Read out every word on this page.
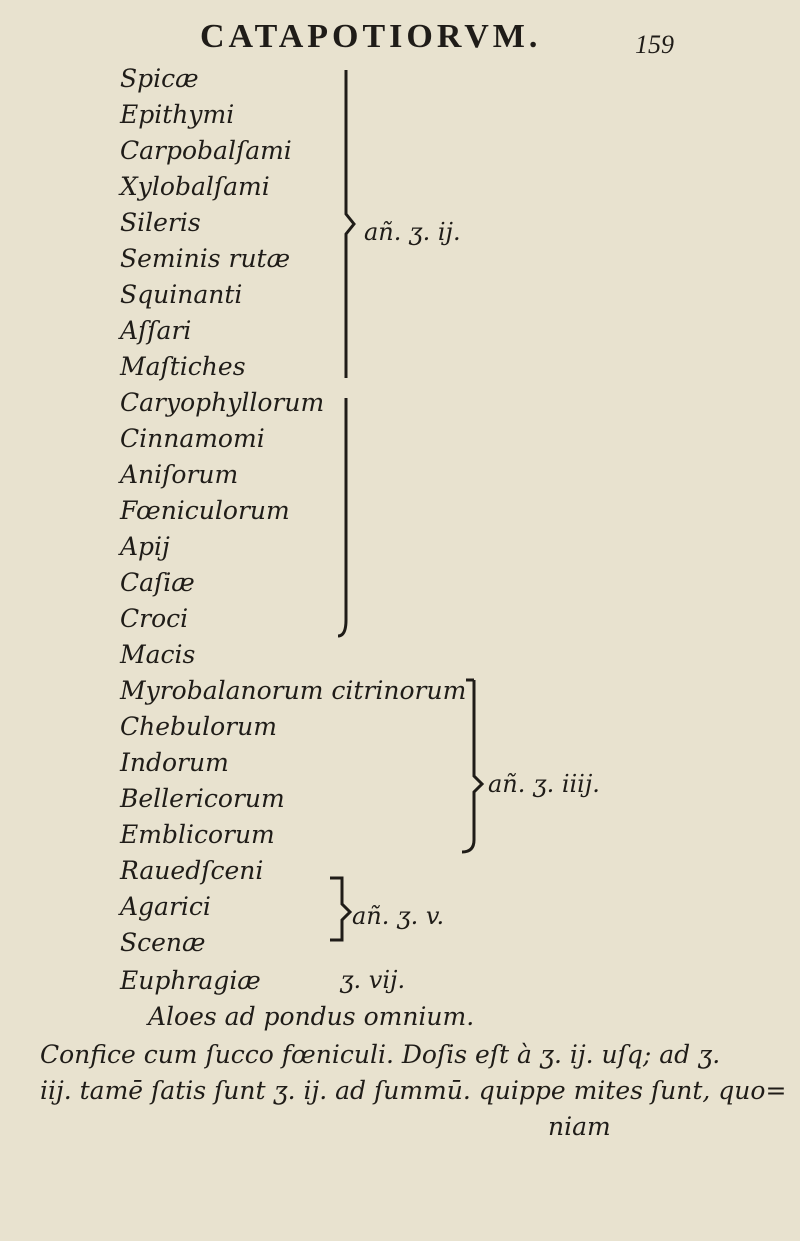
CATAPOTIORVM.	159
Spicæ
Epithymi
Carpobalſami
Xylobalſami
Sileris
Seminis rutæ
Squinanti
Aſſari
Maſtiches
Caryophyllorum
Cinnamomi
Aniſorum
Fœniculorum
Apij
Caſiæ
Croci
Macis
añ. ʒ. ij.
Myrobalanorum citrinorum
Chebulorum
Indorum
Bellericorum
Emblicorum
Rauedſceni
añ. ʒ. iiij.
Agarici
Scenæ
añ. ʒ. v.
Euphragiæ	ʒ. vij.
Aloes ad pondus omnium.
Confice cum ſucco fœniculi. Doſis eſt à ʒ. ij. uſq; ad ʒ.
iij. tamē ſatis ſunt ʒ. ij. ad ſummū. quippe mites ſunt, quo=
niam
